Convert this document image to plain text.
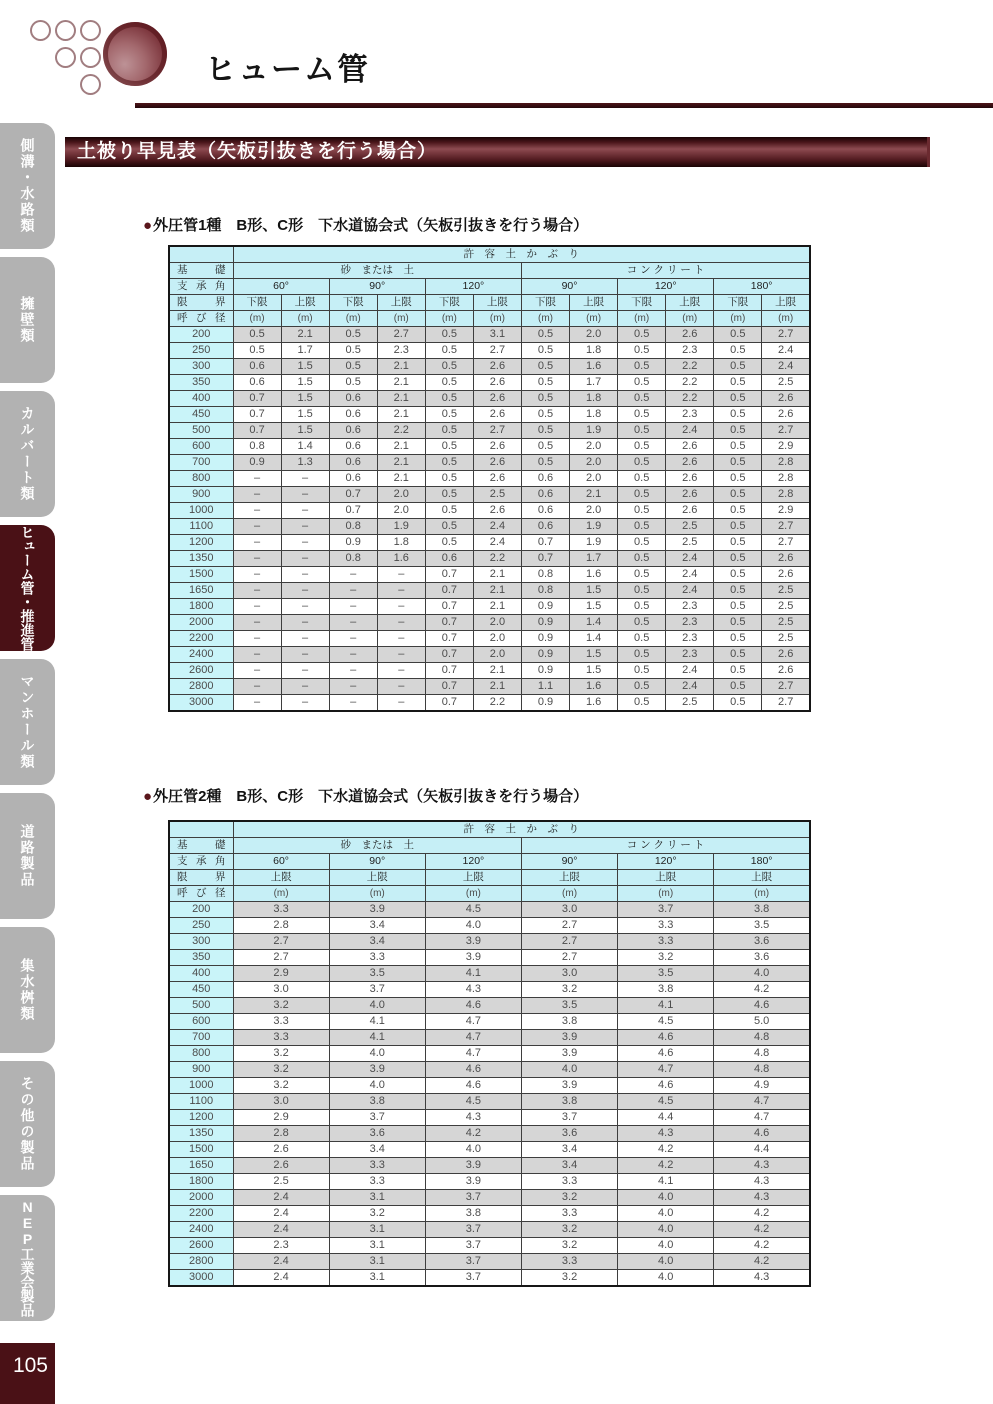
ヒューム管
土被り早見表（矢板引抜きを行う場合）
側溝・水路類
擁壁類
カルバート類
ヒューム管・推進管
マンホール類
道路製品
集水桝類
その他の製品
NEP工業会製品
105
●外圧管1種　B形、C形　下水道協会式（矢板引抜きを行う場合）
●外圧管2種　B形、C形　下水道協会式（矢板引抜きを行う場合）
	許　容　土　か　ぶ　り											
基 礎	砂　または　土						コ ン ク リ ー ト					
支 承 角	60°		90°		120°		90°		120°		180°	
限 界	下限	上限	下限	上限	下限	上限	下限	上限	下限	上限	下限	上限
呼 び 径	(m)	(m)	(m)	(m)	(m)	(m)	(m)	(m)	(m)	(m)	(m)	(m)
200	0.5	2.1	0.5	2.7	0.5	3.1	0.5	2.0	0.5	2.6	0.5	2.7
250	0.5	1.7	0.5	2.3	0.5	2.7	0.5	1.8	0.5	2.3	0.5	2.4
300	0.6	1.5	0.5	2.1	0.5	2.6	0.5	1.6	0.5	2.2	0.5	2.4
350	0.6	1.5	0.5	2.1	0.5	2.6	0.5	1.7	0.5	2.2	0.5	2.5
400	0.7	1.5	0.6	2.1	0.5	2.6	0.5	1.8	0.5	2.2	0.5	2.6
450	0.7	1.5	0.6	2.1	0.5	2.6	0.5	1.8	0.5	2.3	0.5	2.6
500	0.7	1.5	0.6	2.2	0.5	2.7	0.5	1.9	0.5	2.4	0.5	2.7
600	0.8	1.4	0.6	2.1	0.5	2.6	0.5	2.0	0.5	2.6	0.5	2.9
700	0.9	1.3	0.6	2.1	0.5	2.6	0.5	2.0	0.5	2.6	0.5	2.8
800	–	–	0.6	2.1	0.5	2.6	0.6	2.0	0.5	2.6	0.5	2.8
900	–	–	0.7	2.0	0.5	2.5	0.6	2.1	0.5	2.6	0.5	2.8
1000	–	–	0.7	2.0	0.5	2.6	0.6	2.0	0.5	2.6	0.5	2.9
1100	–	–	0.8	1.9	0.5	2.4	0.6	1.9	0.5	2.5	0.5	2.7
1200	–	–	0.9	1.8	0.5	2.4	0.7	1.9	0.5	2.5	0.5	2.7
1350	–	–	0.8	1.6	0.6	2.2	0.7	1.7	0.5	2.4	0.5	2.6
1500	–	–	–	–	0.7	2.1	0.8	1.6	0.5	2.4	0.5	2.6
1650	–	–	–	–	0.7	2.1	0.8	1.5	0.5	2.4	0.5	2.5
1800	–	–	–	–	0.7	2.1	0.9	1.5	0.5	2.3	0.5	2.5
2000	–	–	–	–	0.7	2.0	0.9	1.4	0.5	2.3	0.5	2.5
2200	–	–	–	–	0.7	2.0	0.9	1.4	0.5	2.3	0.5	2.5
2400	–	–	–	–	0.7	2.0	0.9	1.5	0.5	2.3	0.5	2.6
2600	–	–	–	–	0.7	2.1	0.9	1.5	0.5	2.4	0.5	2.6
2800	–	–	–	–	0.7	2.1	1.1	1.6	0.5	2.4	0.5	2.7
3000	–	–	–	–	0.7	2.2	0.9	1.6	0.5	2.5	0.5	2.7
	許　容　土　か　ぶ　り					
基 礎	砂　または　土			コ ン ク リ ー ト		
支 承 角	60°	90°	120°	90°	120°	180°
限 界	上限	上限	上限	上限	上限	上限
呼 び 径	(m)	(m)	(m)	(m)	(m)	(m)
200	3.3	3.9	4.5	3.0	3.7	3.8
250	2.8	3.4	4.0	2.7	3.3	3.5
300	2.7	3.4	3.9	2.7	3.3	3.6
350	2.7	3.3	3.9	2.7	3.2	3.6
400	2.9	3.5	4.1	3.0	3.5	4.0
450	3.0	3.7	4.3	3.2	3.8	4.2
500	3.2	4.0	4.6	3.5	4.1	4.6
600	3.3	4.1	4.7	3.8	4.5	5.0
700	3.3	4.1	4.7	3.9	4.6	4.8
800	3.2	4.0	4.7	3.9	4.6	4.8
900	3.2	3.9	4.6	4.0	4.7	4.8
1000	3.2	4.0	4.6	3.9	4.6	4.9
1100	3.0	3.8	4.5	3.8	4.5	4.7
1200	2.9	3.7	4.3	3.7	4.4	4.7
1350	2.8	3.6	4.2	3.6	4.3	4.6
1500	2.6	3.4	4.0	3.4	4.2	4.4
1650	2.6	3.3	3.9	3.4	4.2	4.3
1800	2.5	3.3	3.9	3.3	4.1	4.3
2000	2.4	3.1	3.7	3.2	4.0	4.3
2200	2.4	3.2	3.8	3.3	4.0	4.2
2400	2.4	3.1	3.7	3.2	4.0	4.2
2600	2.3	3.1	3.7	3.2	4.0	4.2
2800	2.4	3.1	3.7	3.3	4.0	4.2
3000	2.4	3.1	3.7	3.2	4.0	4.3
